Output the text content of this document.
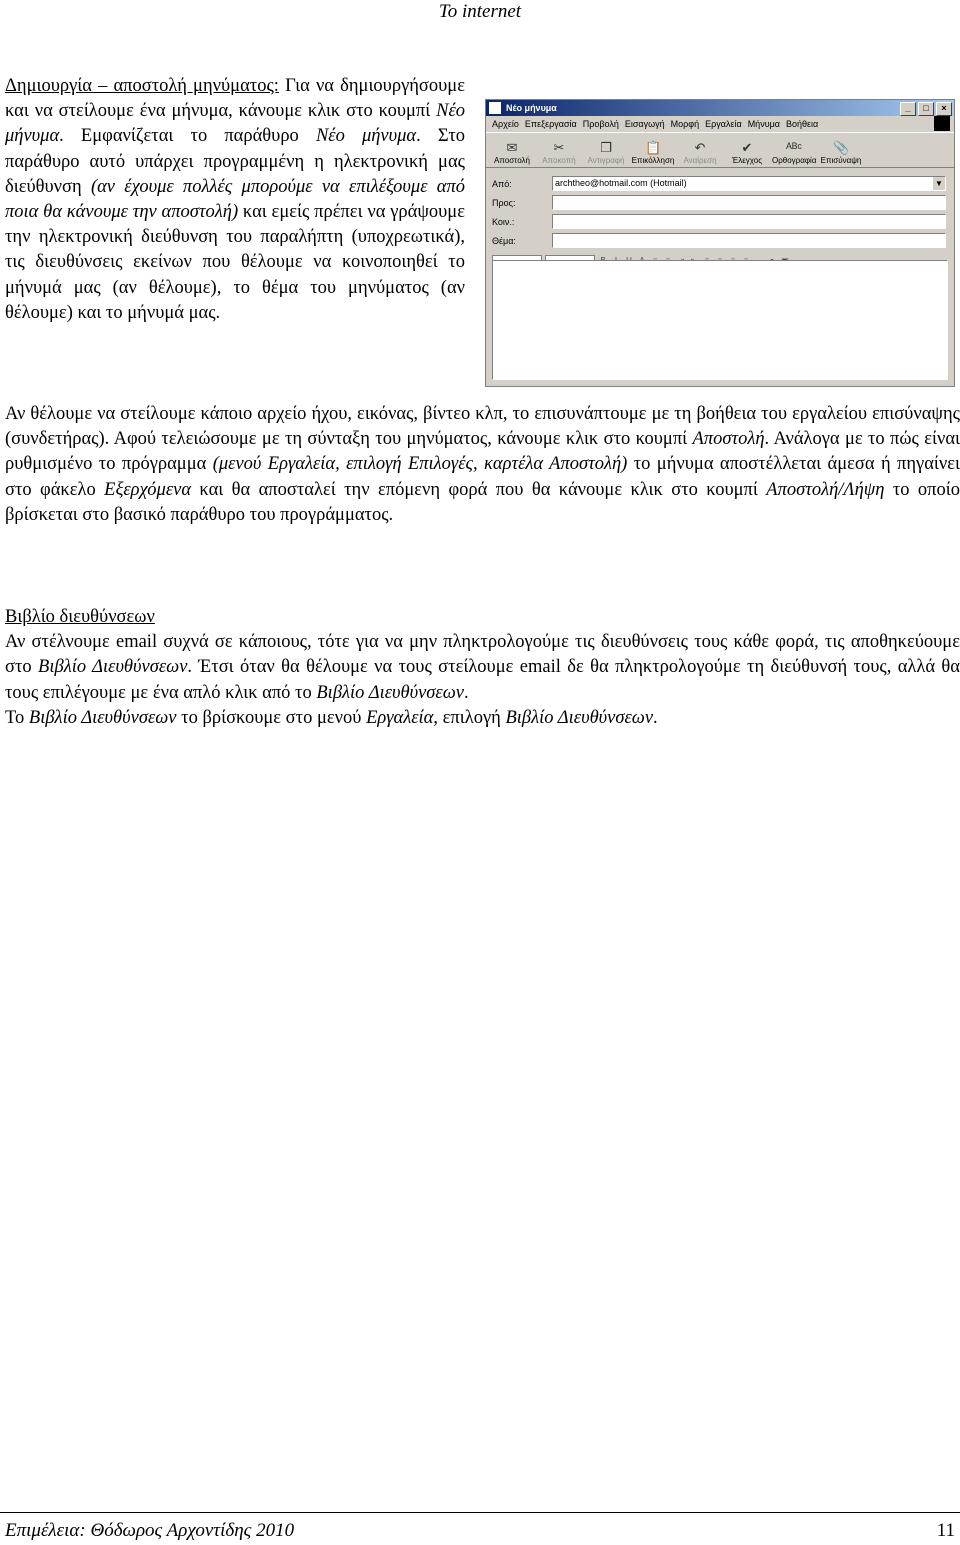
To internet
Δημιουργία – αποστολή μηνύματος: Για να δημιουργήσουμε και να στείλουμε ένα μήνυμα, κάνουμε κλικ στο κουμπί Νέο μήνυμα. Εμφανίζεται το παράθυρο Νέο μήνυμα. Στο παράθυρο αυτό υπάρχει προγραμμένη η ηλεκτρονική μας διεύθυνση (αν έχουμε πολλές μπορούμε να επιλέξουμε από ποια θα κάνουμε την αποστολή) και εμείς πρέπει να γράψουμε την ηλεκτρονική διεύθυνση του παραλήπτη (υποχρεωτικά), τις διευθύνσεις εκείνων που θέλουμε να κοινοποιηθεί το μήνυμά μας (αν θέλουμε), το θέμα του μηνύματος (αν θέλουμε) και το μήνυμά μας.
Αν θέλουμε να στείλουμε κάποιο αρχείο ήχου, εικόνας, βίντεο κλπ, το επισυνάπτουμε με τη βοήθεια του εργαλείου επισύναψης (συνδετήρας). Αφού τελειώσουμε με τη σύνταξη του μηνύματος, κάνουμε κλικ στο κουμπί Αποστολή. Ανάλογα με το πώς είναι ρυθμισμένο το πρόγραμμα (μενού Εργαλεία, επιλογή Επιλογές, καρτέλα Αποστολή) το μήνυμα αποστέλλεται άμεσα ή πηγαίνει στο φάκελο Εξερχόμενα και θα αποσταλεί την επόμενη φορά που θα κάνουμε κλικ στο κουμπί Αποστολή/Λήψη το οποίο βρίσκεται στο βασικό παράθυρο του προγράμματος.
Βιβλίο διευθύνσεων
Αν στέλνουμε email συχνά σε κάποιους, τότε για να μην πληκτρολογούμε τις διευθύνσεις τους κάθε φορά, τις αποθηκεύουμε στο Βιβλίο Διευθύνσεων. Έτσι όταν θα θέλουμε να τους στείλουμε email δε θα πληκτρολογούμε τη διεύθυνσή τους, αλλά θα τους επιλέγουμε με ένα απλό κλικ από το Βιβλίο Διευθύνσεων.
Το Βιβλίο Διευθύνσεων το βρίσκουμε στο μενού Εργαλεία, επιλογή Βιβλίο Διευθύνσεων.
Νέο μήνυμα	_	□	×
Αρχείο Επεξεργασία Προβολή Εισαγωγή Μορφή Εργαλεία Μήνυμα Βοήθεια
✉
Αποστολή
✂
Αποκοπή
❐
Αντιγραφή
📋
Επικόλληση
↶
Αναίρεση
✔
Έλεγχος
ᴬᴮᶜ
Ορθογραφία
📎
Επισύναψη
Από:	archtheo@hotmail.com (Hotmail)	▼
Προς:
Κοιν.:
Θέμα:
Επιμέλεια: Θόδωρος Αρχοντίδης 2010	11
